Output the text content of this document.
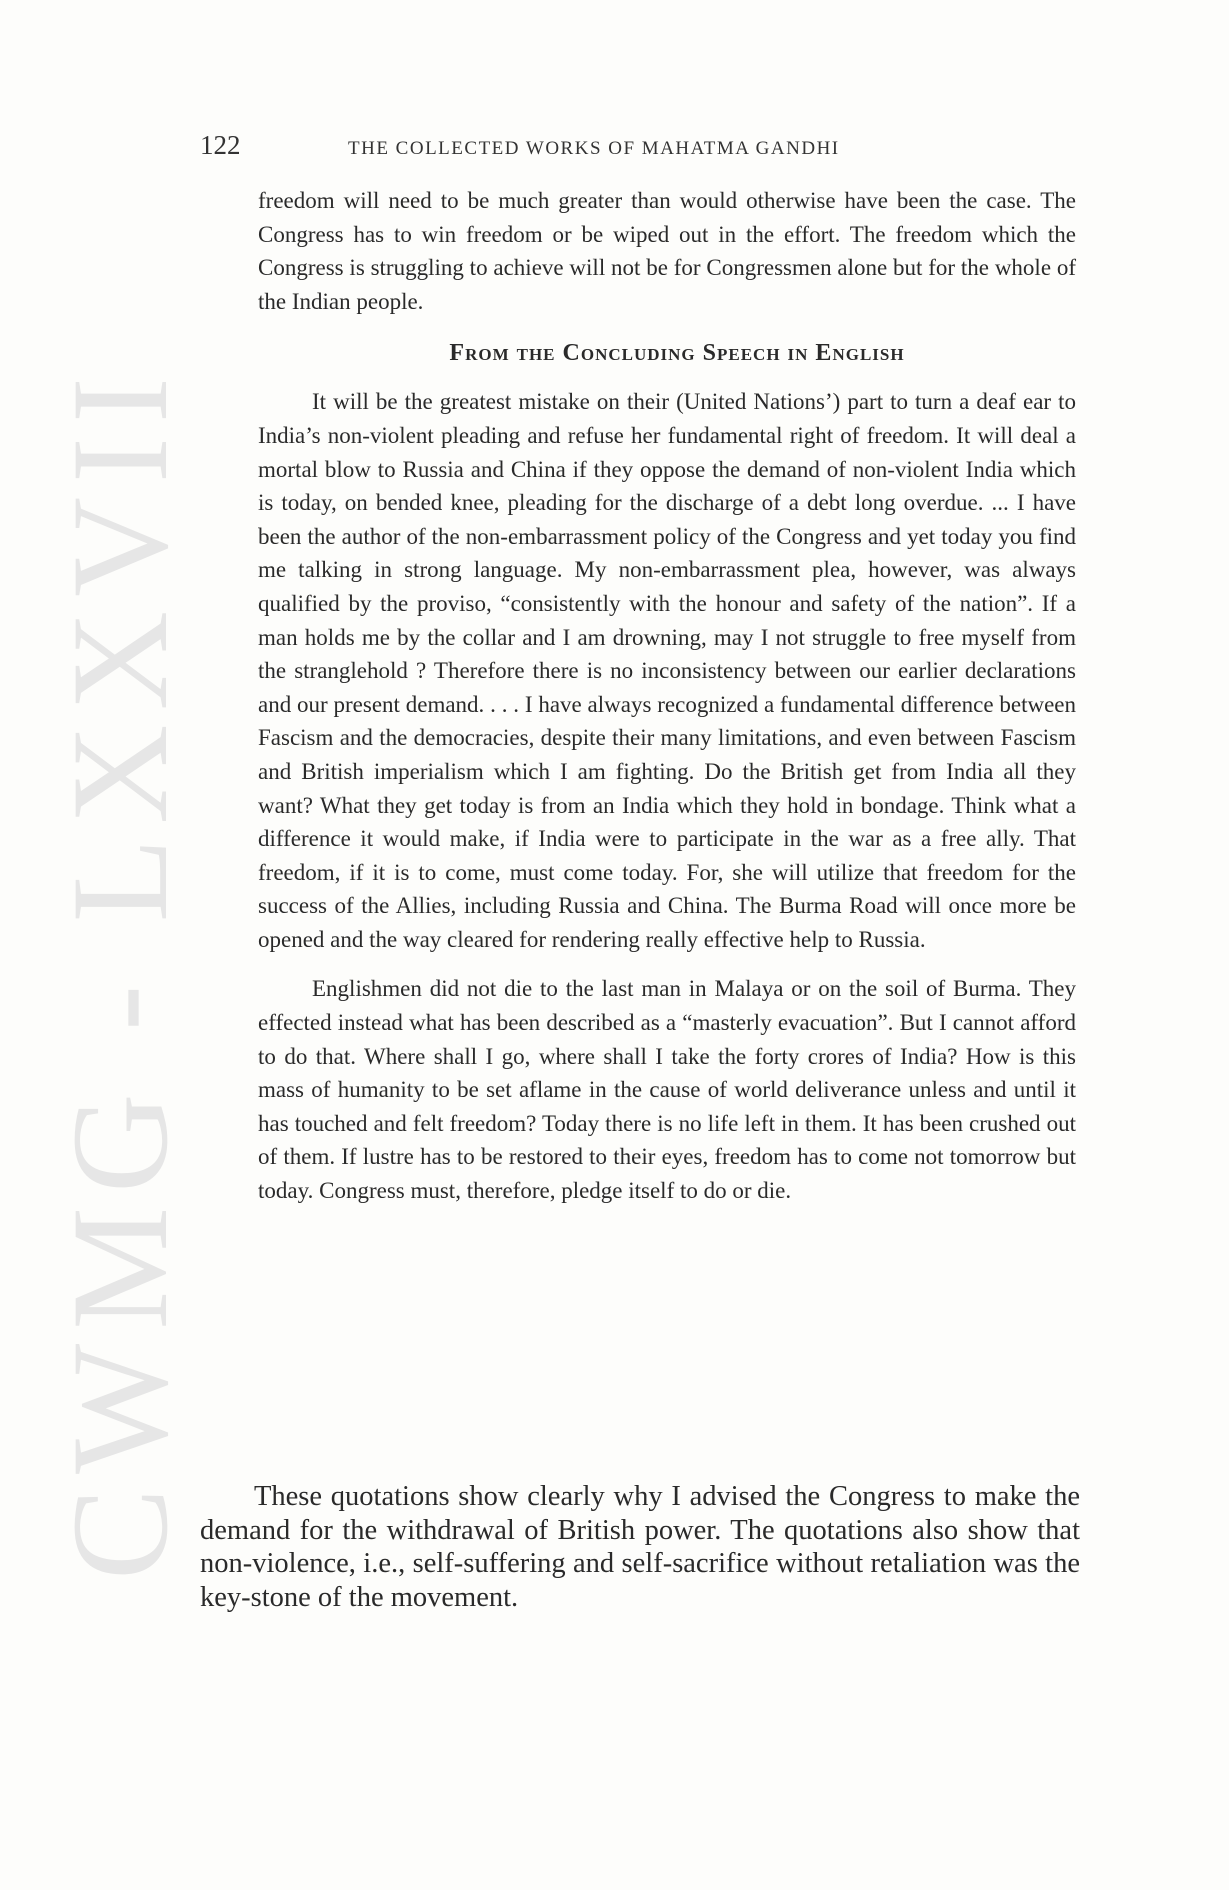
CWMG - LXXVII
122	THE COLLECTED WORKS OF MAHATMA GANDHI

freedom will need to be much greater than would otherwise have been the case. The Congress has to win freedom or be wiped out in the effort. The freedom which the Congress is struggling to achieve will not be for Congressmen alone but for the whole of the Indian people.

From the Concluding Speech in English

It will be the greatest mistake on their (United Nations’) part to turn a deaf ear to India’s non-violent pleading and refuse her fundamental right of freedom. It will deal a mortal blow to Russia and China if they oppose the demand of non-violent India which is today, on bended knee, pleading for the discharge of a debt long overdue. ... I have been the author of the non-embarrassment policy of the Congress and yet today you find me talking in strong language. My non-embarrassment plea, however, was always qualified by the proviso, “consistently with the honour and safety of the nation”. If a man holds me by the collar and I am drowning, may I not struggle to free myself from the stranglehold ? Therefore there is no inconsistency between our earlier declarations and our present demand. . . . I have always recognized a fundamental difference between Fascism and the democracies, despite their many limitations, and even between Fascism and British imperialism which I am fighting. Do the British get from India all they want? What they get today is from an India which they hold in bondage. Think what a difference it would make, if India were to participate in the war as a free ally. That freedom, if it is to come, must come today. For, she will utilize that freedom for the success of the Allies, including Russia and China. The Burma Road will once more be opened and the way cleared for rendering really effective help to Russia.

Englishmen did not die to the last man in Malaya or on the soil of Burma. They effected instead what has been described as a “masterly evacuation”. But I cannot afford to do that. Where shall I go, where shall I take the forty crores of India? How is this mass of humanity to be set aflame in the cause of world deliverance unless and until it has touched and felt freedom? Today there is no life left in them. It has been crushed out of them. If lustre has to be restored to their eyes, freedom has to come not tomorrow but today. Congress must, therefore, pledge itself to do or die.

These quotations show clearly why I advised the Congress to make the demand for the withdrawal of British power. The quotations also show that non-violence, i.e., self-suffering and self-sacrifice without retaliation was the key-stone of the movement.
